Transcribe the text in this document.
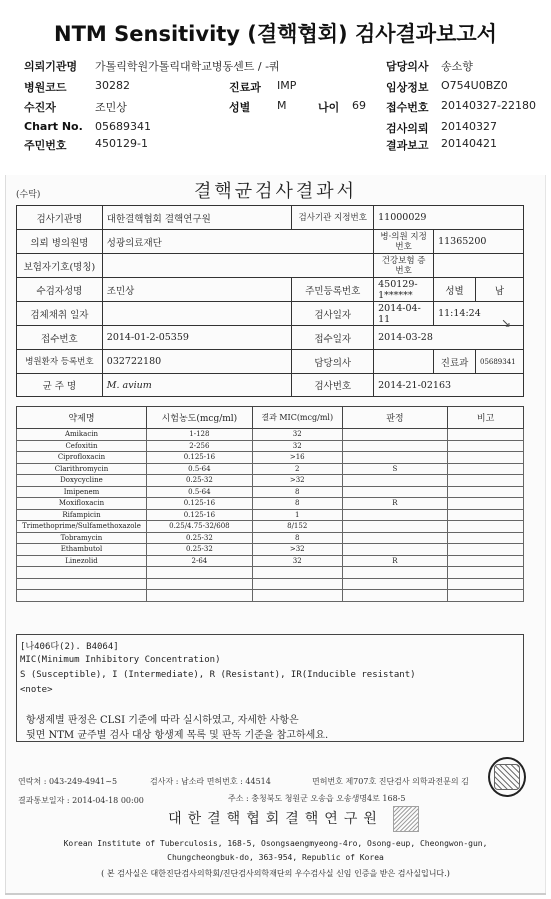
NTM Sensitivity (결핵협회) 검사결과보고서
의뢰기관명 가톨릭학원가톨릭대학교병동센트 / -쿼	담당의사 송소향
병원코드	30282	진료과 IMP	임상정보 O754U0BZ0
수진자	조민상	성별 M	나이 69 접수번호 20140327-22180
Chart No. 05689341	검사의뢰 20140327
주민번호	450129-1	결과보고 20140421
(수탁)	결핵균검사결과서
검사기관명	대한결핵협회 결핵연구원	검사기관 지정번호	11000029		
의뢰 병의원명	성광의료재단		병·의원 지정번호	11365200	
보험자기호(명칭)			건강보험 증번호		
수검자성명	조민상	주민등록번호	450129-1******	성별	남
검체채취 일자		검사일자	2014-04-11	11:14:24	
접수번호	2014-01-2-05359	접수일자	2014-03-28		
병원환자 등록번호	032722180	담당의사		진료과	05689341
균 주 명	M. avium	검사번호	2014-21-02163		
↘
약제명	시험농도(mcg/ml)	결과 MIC(mcg/ml)	판정	비고
Amikacin	1-128	32		
Cefoxitin	2-256	32		
Ciprofloxacin	0.125-16	>16		
Clarithromycin	0.5-64	2	S	
Doxycycline	0.25-32	>32		
Imipenem	0.5-64	8		
Moxifloxacin	0.125-16	8	R	
Rifampicin	0.125-16	1		
Trimethoprime/Sulfamethoxazole	0.25/4.75-32/608	8/152		
Tobramycin	0.25-32	8		
Ethambutol	0.25-32	>32		
Linezolid	2-64	32	R	

[나406다(2). B4064]
MIC(Minimum Inhibitory Concentration)
S (Susceptible), I (Intermediate), R (Resistant), IR(Inducible resistant)
<note>
항생제별 판정은 CLSI 기준에 따라 실시하였고, 자세한 사항은
뒷면 NTM 균주별 검사 대상 항생제 목록 및 판독 기준을 참고하세요.
연락처 : 043-249-4941~5	검사자 : 남소라 면허번호 : 44514	면허번호 제707호 진단검사 의학과전문의 김
결과통보일자 : 2014-04-18 00:00	주소 : 충청북도 청원군 오송읍 오송생명4로 168-5
대한결핵협회결핵연구원
Korean Institute of Tuberculosis, 168-5, Osongsaengmyeong-4ro, Osong-eup, Cheongwon-gun,
Chungcheongbuk-do, 363-954, Republic of Korea
( 본 검사실은 대한진단검사의학회/진단검사의학재단의 우수검사실 신임 인증을 받은 검사실입니다.)
